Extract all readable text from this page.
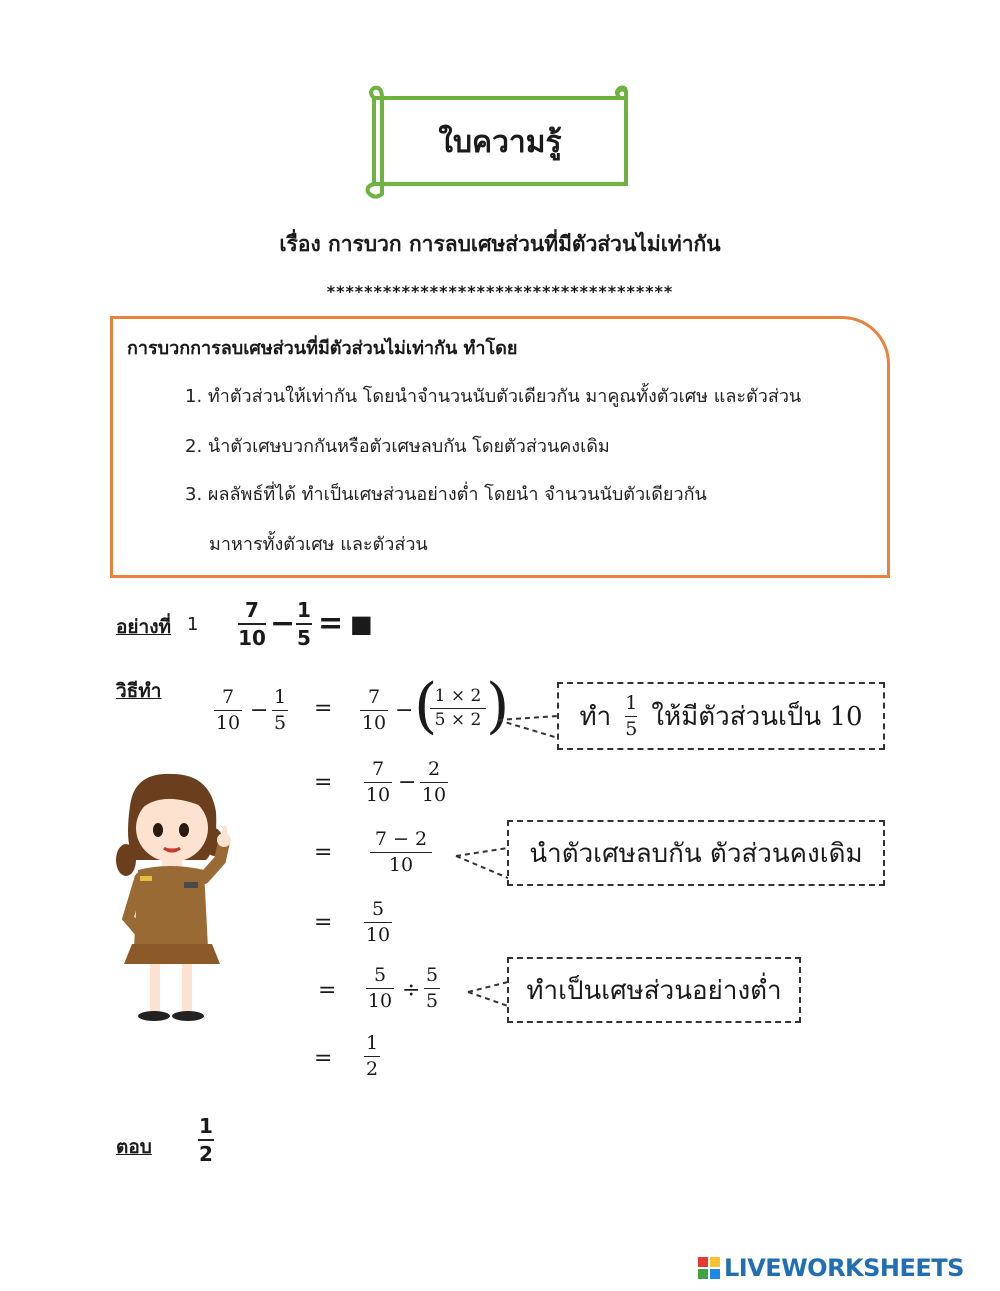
ใบความรู้
เรื่อง การบวก การลบเศษส่วนที่มีตัวส่วนไม่เท่ากัน
*************************************
การบวกการลบเศษส่วนที่มีตัวส่วนไม่เท่ากัน ทำโดย
1. ทำตัวส่วนให้เท่ากัน โดยนำจำนวนนับตัวเดียวกัน มาคูณทั้งตัวเศษ และตัวส่วน
2. นำตัวเศษบวกกันหรือตัวเศษลบกัน โดยตัวส่วนคงเดิม
3. ผลลัพธ์ที่ได้ ทำเป็นเศษส่วนอย่างต่ำ โดยนำ จำนวนนับตัวเดียวกัน
มาหารทั้งตัวเศษ และตัวส่วน
อย่างที่ 1
7
10 − 1
5 = ■
วิธีทำ	7
10 −
1
5
= 7
10 − (
1 × 2
5 × 2 )
=
7
10 −
2
10
=
7 − 2
10
=
5
10
=
5
10 ÷
5
5
=
1
2
ทำ $\frac{1}{5}$ ให้มีตัวส่วนเป็น 10
นำตัวเศษลบกัน ตัวส่วนคงเดิม
ทำเป็นเศษส่วนอย่างต่ำ
ตอบ
1
2
LIVEWORKSHEETS
